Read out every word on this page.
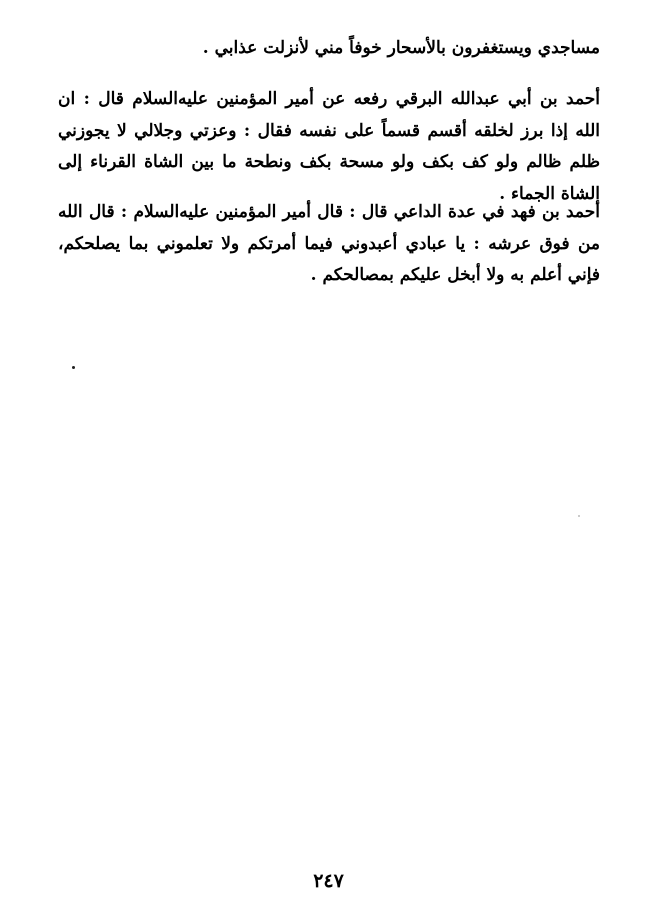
مساجدي ويستغفرون بالأسحار خوفاً مني لأنزلت عذابي .

أحمد بن أبي عبدالله البرقي رفعه عن أمير المؤمنين عليه‌السلام قال : ان الله إذا برز لخلقه أقسم قسماً على نفسه فقال : وعزتي وجلالي لا يجوزني ظلم ظالم ولو كف بكف ولو مسحة بكف ونطحة ما بين الشاة القرناء إلى الشاة الجماء .

أحمد بن فهد في عدة الداعي قال : قال أمير المؤمنين عليه‌السلام : قال الله من فوق عرشه : يا عبادي أعبدوني فيما أمرتكم ولا تعلموني بما يصلحكم، فإني أعلم به ولا أبخل عليكم بمصالحكم .

٢٤٧
